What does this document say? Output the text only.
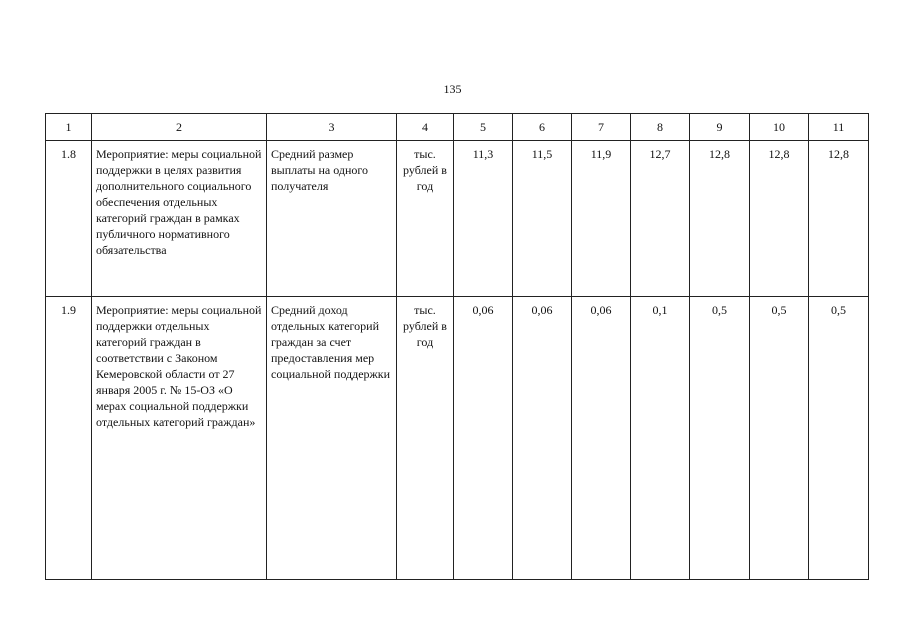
135
1	2	3	4	5	6	7	8	9	10	11

1.8	Мероприятие: меры социальной поддержки в целях развития дополнительного социального обеспечения отдельных категорий граждан в рамках публичного нормативного обязательства	Средний размер выплаты на одного получателя	тыс. рублей в год	11,3	11,5	11,9	12,7	12,8	12,8	12,8

1.9	Мероприятие: меры социальной поддержки отдельных категорий граждан в соответствии с Законом Кемеровской области от 27 января 2005 г. № 15-ОЗ «О мерах социальной поддержки отдельных категорий граждан»	Средний доход отдельных категорий граждан за счет предоставления мер социальной поддержки	тыс. рублей в год	0,06	0,06	0,06	0,1	0,5	0,5	0,5
